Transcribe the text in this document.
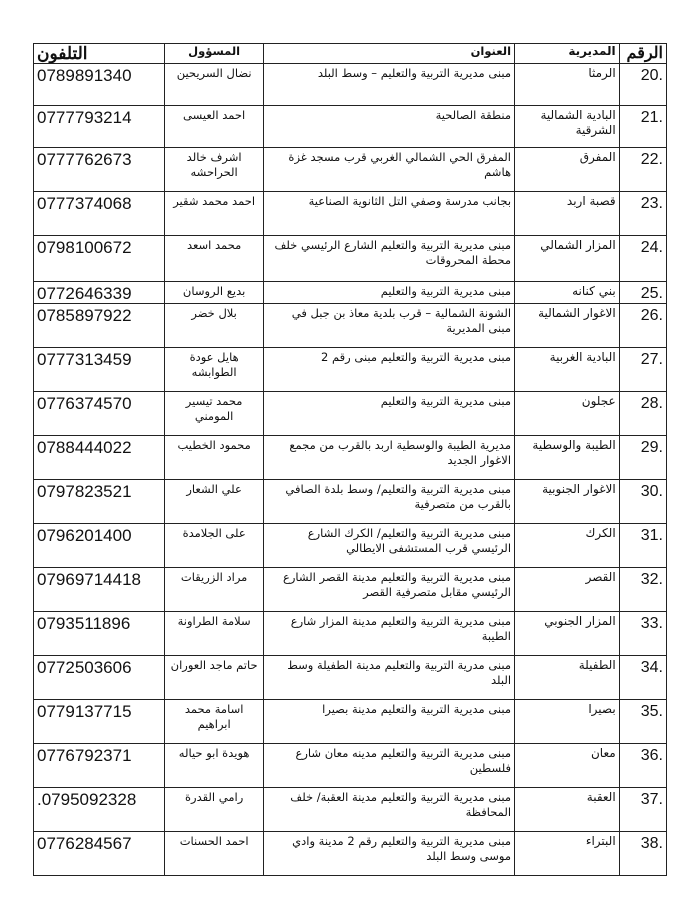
التلفون	المسؤول	العنوان	المديرية	الرقم
0789891340	نضال السريحين	مبنى مديرية التربية والتعليم – وسط البلد	الرمثا	20.
0777793214	احمد العيسى	منطقة الصالحية	البادية الشمالية الشرقية	21.
0777762673	اشرف خالد الحراحشه	المفرق الحي الشمالي الغربي قرب مسجد غزة هاشم	المفرق	22.
0777374068	احمد محمد شقير	بجانب مدرسة وصفي التل الثانوية الصناعية	قصبة اربد	23.
0798100672	محمد اسعد	مبنى مديرية التربية والتعليم الشارع الرئيسي خلف محطة المحروقات	المزار الشمالي	24.
0772646339	بديع الروسان	مبنى مديرية التربية والتعليم	بني كنانه	25.
0785897922	بلال خضر	الشونة الشمالية – قرب بلدية معاذ بن جبل في مبنى المديرية	الاغوار الشمالية	26.
0777313459	هايل عودة الطوابشه	مبنى مديرية التربية والتعليم مبنى رقم 2	البادية الغربية	27.
0776374570	محمد تيسير المومني	مبنى مديرية التربية والتعليم	عجلون	28.
0788444022	محمود الخطيب	مديرية الطيبة والوسطية اربد بالقرب من مجمع الاغوار الجديد	الطيبة والوسطية	29.
0797823521	علي الشعار	مبنى مديرية التربية والتعليم/ وسط بلدة الصافي بالقرب من متصرفية	الاغوار الجنوبية	30.
0796201400	على الجلامدة	مبنى مديرية التربية والتعليم/ الكرك الشارع الرئيسي قرب المستشفى الايطالي	الكرك	31.
07969714418	مراد الزريقات	مبنى مديرية التربية والتعليم مدينة القصر الشارع الرئيسي مقابل متصرفية القصر	القصر	32.
0793511896	سلامة الطراونة	مبنى مديرية التربية والتعليم مدينة المزار شارع الطيبة	المزار الجنوبي	33.
0772503606	حاتم ماجد العوران	مبنى مدرية التربية والتعليم مدينة الطفيلة وسط البلد	الطفيلة	34.
0779137715	اسامة محمد ابراهيم	مبنى مديرية التربية والتعليم مدينة بصيرا	بصيرا	35.
0776792371	هويدة ابو حياله	مبنى مديرية التربية والتعليم مدينه معان شارع فلسطين	معان	36.
.0795092328	رامي القدرة	مبنى مديرية التربية والتعليم مدينة العقبة/ خلف المحافظة	العقبة	37.
0776284567	احمد الحسنات	مبنى مديرية التربية والتعليم رقم 2 مدينة وادي موسى وسط البلد	البتراء	38.
